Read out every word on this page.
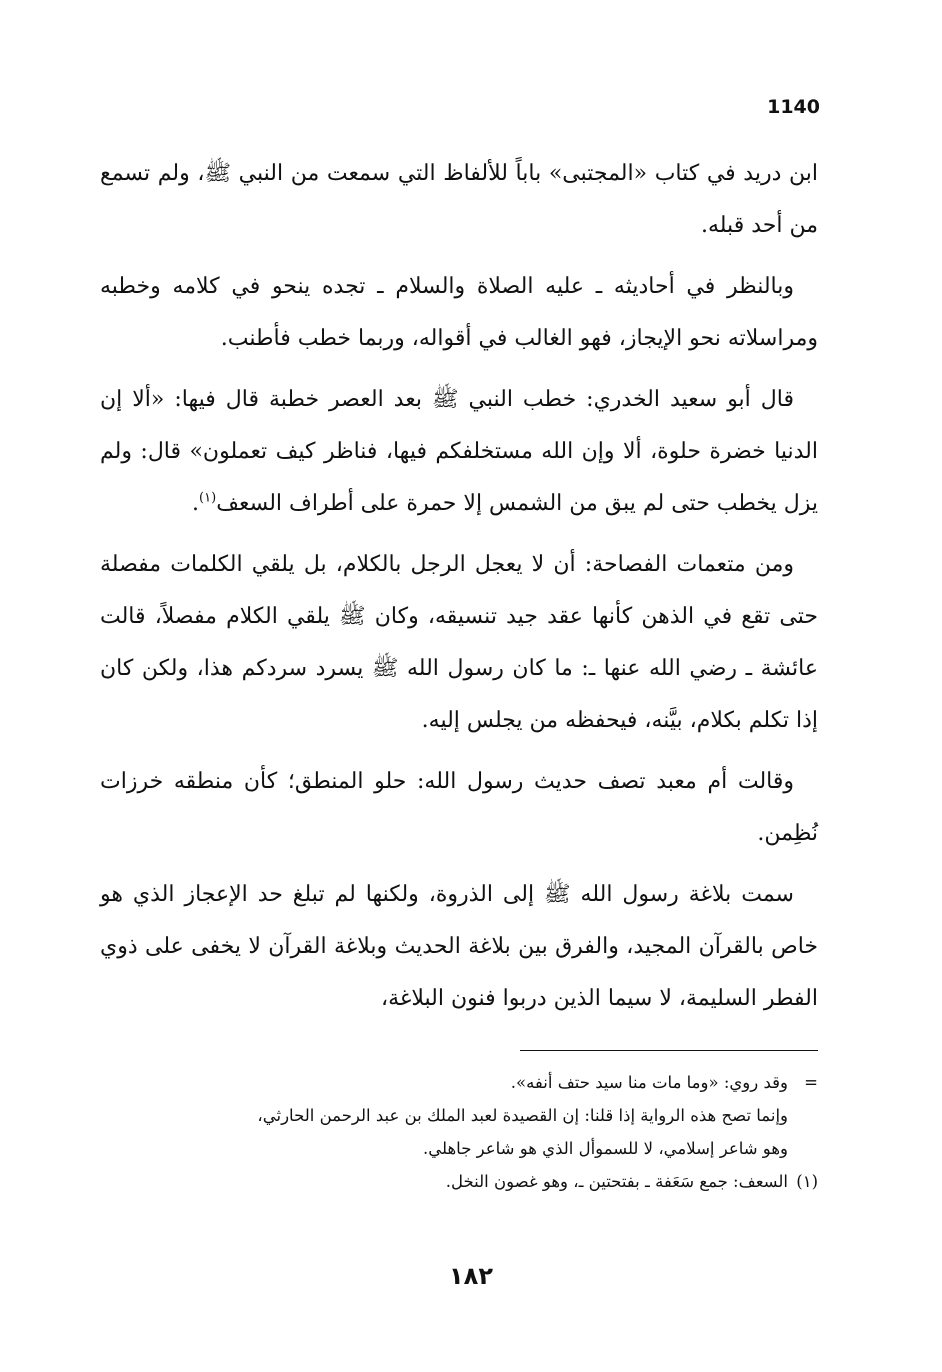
1140

ابن دريد في كتاب «المجتبى» باباً للألفاظ التي سمعت من النبي ﷺ، ولم تسمع من أحد قبله.

وبالنظر في أحاديثه ـ عليه الصلاة والسلام ـ تجده ينحو في كلامه وخطبه ومراسلاته نحو الإيجاز، فهو الغالب في أقواله، وربما خطب فأطنب.

قال أبو سعيد الخدري: خطب النبي ﷺ بعد العصر خطبة قال فيها: «ألا إن الدنيا خضرة حلوة، ألا وإن الله مستخلفكم فيها، فناظر كيف تعملون» قال: ولم يزل يخطب حتى لم يبق من الشمس إلا حمرة على أطراف السعف$^{(١)}$.

ومن متعمات الفصاحة: أن لا يعجل الرجل بالكلام، بل يلقي الكلمات مفصلة حتى تقع في الذهن كأنها عقد جيد تنسيقه، وكان ﷺ يلقي الكلام مفصلاً، قالت عائشة ـ رضي الله عنها ـ: ما كان رسول الله ﷺ يسرد سردكم هذا، ولكن كان إذا تكلم بكلام، بيَّنه، فيحفظه من يجلس إليه.

وقالت أم معبد تصف حديث رسول الله: حلو المنطق؛ كأن منطقه خرزات نُظِمن.

سمت بلاغة رسول الله ﷺ إلى الذروة، ولكنها لم تبلغ حد الإعجاز الذي هو خاص بالقرآن المجيد، والفرق بين بلاغة الحديث وبلاغة القرآن لا يخفى على ذوي الفطر السليمة، لا سيما الذين دربوا فنون البلاغة،

=وقد روي: «وما مات منا سيد حتف أنفه».
وإنما تصح هذه الرواية إذا قلنا: إن القصيدة لعبد الملك بن عبد الرحمن الحارثي،
وهو شاعر إسلامي، لا للسموأل الذي هو شاعر جاهلي.
(١)السعف: جمع سَعَفة ـ بفتحتين ـ، وهو غصون النخل.
١٨٢
